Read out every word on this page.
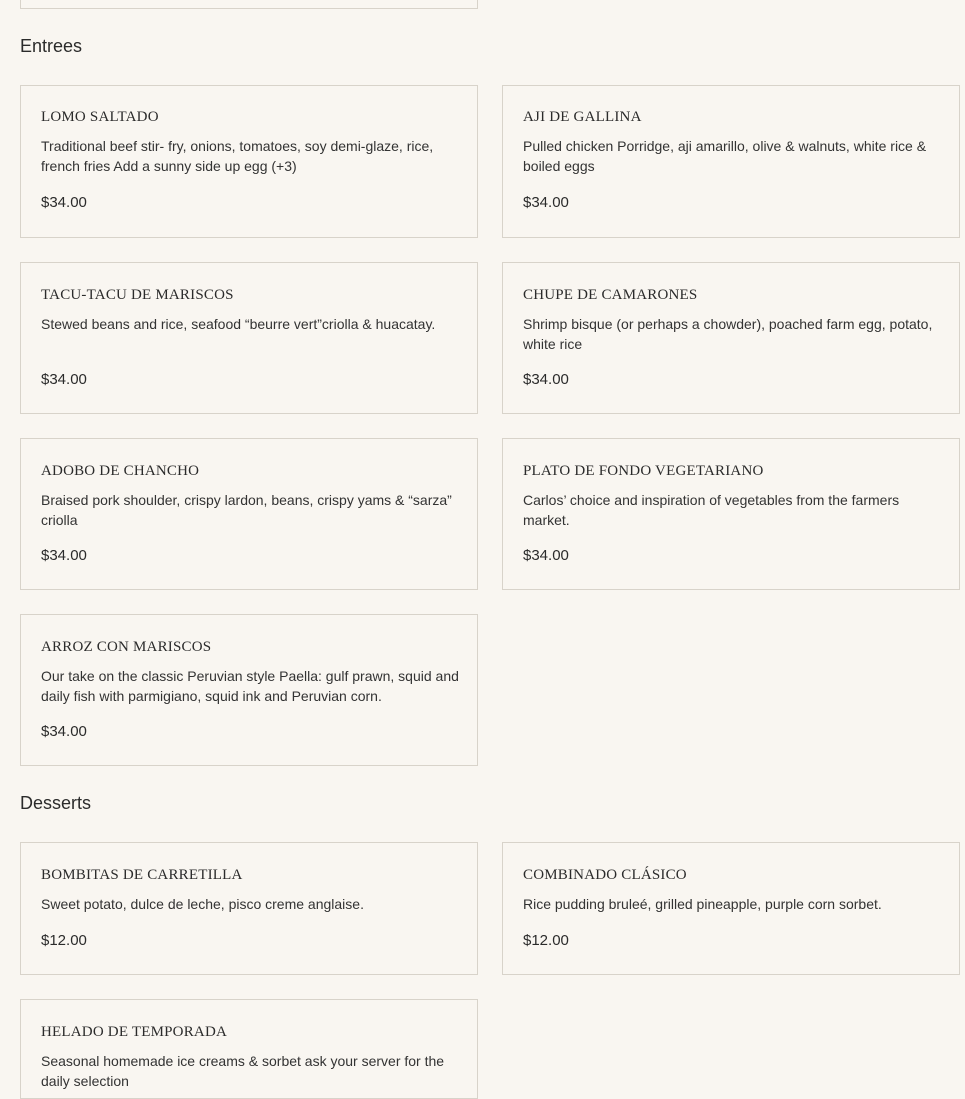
Entrees
LOMO SALTADO
Traditional beef stir- fry, onions, tomatoes, soy demi-glaze, rice, french fries Add a sunny side up egg (+3)
$34.00
AJI DE GALLINA
Pulled chicken Porridge, aji amarillo, olive & walnuts, white rice & boiled eggs
$34.00
TACU-TACU DE MARISCOS
Stewed beans and rice, seafood “beurre vert”criolla & huacatay.
$34.00
CHUPE DE CAMARONES
Shrimp bisque (or perhaps a chowder), poached farm egg, potato, white rice
$34.00
ADOBO DE CHANCHO
Braised pork shoulder, crispy lardon, beans, crispy yams & “sarza” criolla
$34.00
PLATO DE FONDO VEGETARIANO
Carlos’ choice and inspiration of vegetables from the farmers market.
$34.00
ARROZ CON MARISCOS
Our take on the classic Peruvian style Paella: gulf prawn, squid and daily fish with parmigiano, squid ink and Peruvian corn.
$34.00
Desserts
BOMBITAS DE CARRETILLA
Sweet potato, dulce de leche, pisco creme anglaise.
$12.00
COMBINADO CLÁSICO
Rice pudding bruleé, grilled pineapple, purple corn sorbet.
$12.00
HELADO DE TEMPORADA
Seasonal homemade ice creams & sorbet ask your server for the daily selection
